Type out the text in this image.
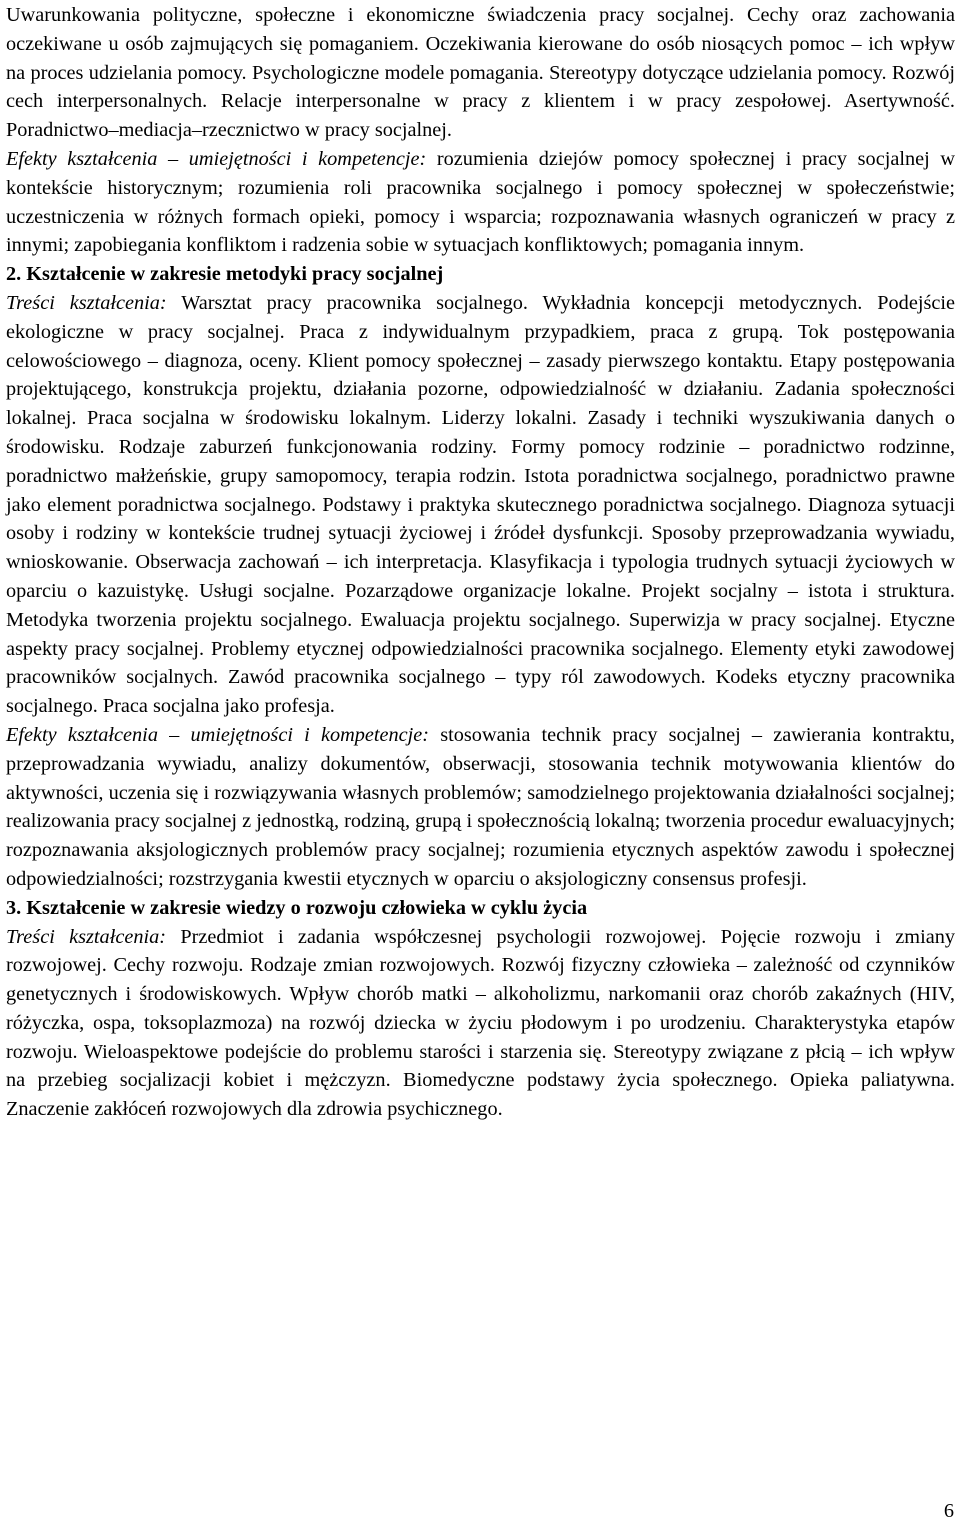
Uwarunkowania polityczne, społeczne i ekonomiczne świadczenia pracy socjalnej. Cechy oraz zachowania oczekiwane u osób zajmujących się pomaganiem. Oczekiwania kierowane do osób niosących pomoc – ich wpływ na proces udzielania pomocy. Psychologiczne modele pomagania. Stereotypy dotyczące udzielania pomocy. Rozwój cech interpersonalnych. Relacje interpersonalne w pracy z klientem i w pracy zespołowej. Asertywność. Poradnictwo–mediacja–rzecznictwo w pracy socjalnej.

Efekty kształcenia – umiejętności i kompetencje: rozumienia dziejów pomocy społecznej i pracy socjalnej w kontekście historycznym; rozumienia roli pracownika socjalnego i pomocy społecznej w społeczeństwie; uczestniczenia w różnych formach opieki, pomocy i wsparcia; rozpoznawania własnych ograniczeń w pracy z innymi; zapobiegania konfliktom i radzenia sobie w sytuacjach konfliktowych; pomagania innym.

2. Kształcenie w zakresie metodyki pracy socjalnej

Treści kształcenia: Warsztat pracy pracownika socjalnego. Wykładnia koncepcji metodycznych. Podejście ekologiczne w pracy socjalnej. Praca z indywidualnym przypadkiem, praca z grupą. Tok postępowania celowościowego – diagnoza, oceny. Klient pomocy społecznej – zasady pierwszego kontaktu. Etapy postępowania projektującego, konstrukcja projektu, działania pozorne, odpowiedzialność w działaniu. Zadania społeczności lokalnej. Praca socjalna w środowisku lokalnym. Liderzy lokalni. Zasady i techniki wyszukiwania danych o środowisku. Rodzaje zaburzeń funkcjonowania rodziny. Formy pomocy rodzinie – poradnictwo rodzinne, poradnictwo małżeńskie, grupy samopomocy, terapia rodzin. Istota poradnictwa socjalnego, poradnictwo prawne jako element poradnictwa socjalnego. Podstawy i praktyka skutecznego poradnictwa socjalnego. Diagnoza sytuacji osoby i rodziny w kontekście trudnej sytuacji życiowej i źródeł dysfunkcji. Sposoby przeprowadzania wywiadu, wnioskowanie. Obserwacja zachowań – ich interpretacja. Klasyfikacja i typologia trudnych sytuacji życiowych w oparciu o kazuistykę. Usługi socjalne. Pozarządowe organizacje lokalne. Projekt socjalny – istota i struktura. Metodyka tworzenia projektu socjalnego. Ewaluacja projektu socjalnego. Superwizja w pracy socjalnej. Etyczne aspekty pracy socjalnej. Problemy etycznej odpowiedzialności pracownika socjalnego. Elementy etyki zawodowej pracowników socjalnych. Zawód pracownika socjalnego – typy ról zawodowych. Kodeks etyczny pracownika socjalnego. Praca socjalna jako profesja.

Efekty kształcenia – umiejętności i kompetencje: stosowania technik pracy socjalnej – zawierania kontraktu, przeprowadzania wywiadu, analizy dokumentów, obserwacji, stosowania technik motywowania klientów do aktywności, uczenia się i rozwiązywania własnych problemów; samodzielnego projektowania działalności socjalnej; realizowania pracy socjalnej z jednostką, rodziną, grupą i społecznością lokalną; tworzenia procedur ewaluacyjnych; rozpoznawania aksjologicznych problemów pracy socjalnej; rozumienia etycznych aspektów zawodu i społecznej odpowiedzialności; rozstrzygania kwestii etycznych w oparciu o aksjologiczny consensus profesji.

3. Kształcenie w zakresie wiedzy o rozwoju człowieka w cyklu życia

Treści kształcenia: Przedmiot i zadania współczesnej psychologii rozwojowej. Pojęcie rozwoju i zmiany rozwojowej. Cechy rozwoju. Rodzaje zmian rozwojowych. Rozwój fizyczny człowieka – zależność od czynników genetycznych i środowiskowych. Wpływ chorób matki – alkoholizmu, narkomanii oraz chorób zakaźnych (HIV, różyczka, ospa, toksoplazmoza) na rozwój dziecka w życiu płodowym i po urodzeniu. Charakterystyka etapów rozwoju. Wieloaspektowe podejście do problemu starości i starzenia się. Stereotypy związane z płcią – ich wpływ na przebieg socjalizacji kobiet i mężczyzn. Biomedyczne podstawy życia społecznego. Opieka paliatywna. Znaczenie zakłóceń rozwojowych dla zdrowia psychicznego.

6
